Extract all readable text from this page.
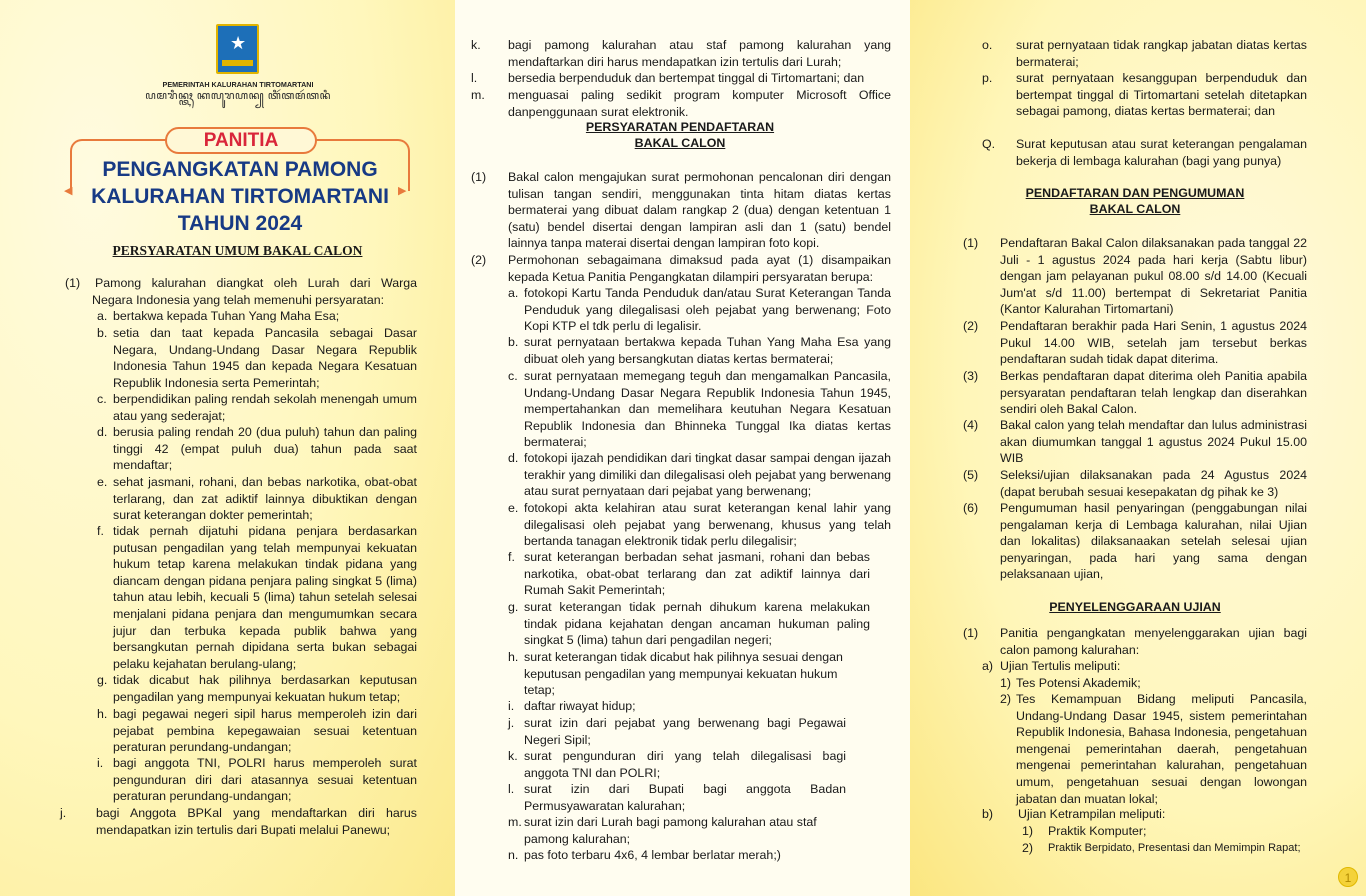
★
PEMERINTAH KALURAHAN TIRTOMARTANI
ꦥꦩꦫꦶꦤ꧀ꦠꦃ ꦏꦭꦸꦫꦲꦤ꧀ ꦠꦶꦂꦠꦩꦂꦠꦤꦶ
◀	▶
PANITIA
PENGANGKATAN PAMONG
KALURAHAN TIRTOMARTANI
TAHUN 2024
PERSYARATAN UMUM BAKAL CALON
(1) Pamong kalurahan diangkat oleh Lurah dari Warga Negara Indonesia yang telah memenuhi persyaratan:
a. bertakwa kepada Tuhan Yang Maha Esa;
b. setia dan taat kepada Pancasila sebagai Dasar Negara, Undang-Undang Dasar Negara Republik Indonesia Tahun 1945 dan kepada Negara Kesatuan Republik Indonesia serta Pemerintah;
c. berpendidikan paling rendah sekolah menengah umum atau yang sederajat;
d. berusia paling rendah 20 (dua puluh) tahun dan paling tinggi 42 (empat puluh dua) tahun pada saat mendaftar;
e. sehat jasmani, rohani, dan bebas narkotika, obat-obat terlarang, dan zat adiktif lainnya dibuktikan dengan surat keterangan dokter pemerintah;
f. tidak pernah dijatuhi pidana penjara berdasarkan putusan pengadilan yang telah mempunyai kekuatan hukum tetap karena melakukan tindak pidana yang diancam dengan pidana penjara paling singkat 5 (lima) tahun atau lebih, kecuali 5 (lima) tahun setelah selesai menjalani pidana penjara dan mengumumkan secara jujur dan terbuka kepada publik bahwa yang bersangkutan pernah dipidana serta bukan sebagai pelaku kejahatan berulang-ulang;
g. tidak dicabut hak pilihnya berdasarkan keputusan pengadilan yang mempunyai kekuatan hukum tetap;
h. bagi pegawai negeri sipil harus memperoleh izin dari pejabat pembina kepegawaian sesuai ketentuan peraturan perundang-undangan;
i. bagi anggota TNI, POLRI harus memperoleh surat pengunduran diri dari atasannya sesuai ketentuan peraturan perundang-undangan;
j. bagi Anggota BPKal yang mendaftarkan diri harus mendapatkan izin tertulis dari Bupati melalui Panewu;
k. bagi pamong kalurahan atau staf pamong kalurahan yang mendaftarkan diri harus mendapatkan izin tertulis dari Lurah;
l. bersedia berpenduduk dan bertempat tinggal di Tirtomartani; dan
m. menguasai paling sedikit program komputer Microsoft Office danpenggunaan surat elektronik.
PERSYARATAN PENDAFTARAN
BAKAL CALON
(1) Bakal calon mengajukan surat permohonan pencalonan diri dengan tulisan tangan sendiri, menggunakan tinta hitam diatas kertas bermaterai yang dibuat dalam rangkap 2 (dua) dengan ketentuan 1 (satu) bendel disertai dengan lampiran asli dan 1 (satu) bendel lainnya tanpa materai disertai dengan lampiran foto kopi.
(2) Permohonan sebagaimana dimaksud pada ayat (1) disampaikan kepada Ketua Panitia Pengangkatan dilampiri persyaratan berupa:
a. fotokopi Kartu Tanda Penduduk dan/atau Surat Keterangan Tanda Penduduk yang dilegalisasi oleh pejabat yang berwenang; Foto Kopi KTP el tdk perlu di legalisir.
b. surat pernyataan bertakwa kepada Tuhan Yang Maha Esa yang dibuat oleh yang bersangkutan diatas kertas bermaterai;
c. surat pernyataan memegang teguh dan mengamalkan Pancasila, Undang-Undang Dasar Negara Republik Indonesia Tahun 1945, mempertahankan dan memelihara keutuhan Negara Kesatuan Republik Indonesia dan Bhinneka Tunggal Ika diatas kertas bermaterai;
d. fotokopi ijazah pendidikan dari tingkat dasar sampai dengan ijazah terakhir yang dimiliki dan dilegalisasi oleh pejabat yang berwenang atau surat pernyataan dari pejabat yang berwenang;
e. fotokopi akta kelahiran atau surat keterangan kenal lahir yang dilegalisasi oleh pejabat yang berwenang, khusus yang telah bertanda tanagan elektronik tidak perlu dilegalisir;
f. surat keterangan berbadan sehat jasmani, rohani dan bebas narkotika, obat-obat terlarang dan zat adiktif lainnya dari Rumah Sakit Pemerintah;
g. surat keterangan tidak pernah dihukum karena melakukan tindak pidana kejahatan dengan ancaman hukuman paling singkat 5 (lima) tahun dari pengadilan negeri;
h. surat keterangan tidak dicabut hak pilihnya sesuai dengan keputusan pengadilan yang mempunyai kekuatan hukum tetap;
i. daftar riwayat hidup;
j. surat izin dari pejabat yang berwenang bagi Pegawai Negeri Sipil;
k. surat pengunduran diri yang telah dilegalisasi bagi anggota TNI dan POLRI;
l. surat izin dari Bupati bagi anggota Badan Permusyawaratan kalurahan;
m. surat izin dari Lurah bagi pamong kalurahan atau staf pamong kalurahan;
n. pas foto terbaru 4x6, 4 lembar berlatar merah;)
o. surat pernyataan tidak rangkap jabatan diatas kertas bermaterai;
p. surat pernyataan kesanggupan berpenduduk dan bertempat tinggal di Tirtomartani setelah ditetapkan sebagai pamong, diatas kertas bermaterai; dan
Q. Surat keputusan atau surat keterangan pengalaman bekerja di lembaga kalurahan (bagi yang punya)
PENDAFTARAN DAN PENGUMUMAN
BAKAL CALON
(1) Pendaftaran Bakal Calon dilaksanakan pada tanggal 22 Juli - 1 agustus 2024 pada hari kerja (Sabtu libur) dengan jam pelayanan pukul 08.00 s/d 14.00 (Kecuali Jum'at s/d 11.00) bertempat di Sekretariat Panitia (Kantor Kalurahan Tirtomartani)
(2) Pendaftaran berakhir pada Hari Senin, 1 agustus 2024 Pukul 14.00 WIB, setelah jam tersebut berkas pendaftaran sudah tidak dapat diterima.
(3) Berkas pendaftaran dapat diterima oleh Panitia apabila persyaratan pendaftaran telah lengkap dan diserahkan sendiri oleh Bakal Calon.
(4) Bakal calon yang telah mendaftar dan lulus administrasi akan diumumkan tanggal 1 agustus 2024 Pukul 15.00 WIB
(5) Seleksi/ujian dilaksanakan pada 24 Agustus 2024 (dapat berubah sesuai kesepakatan dg pihak ke 3)
(6) Pengumuman hasil penyaringan (penggabungan nilai pengalaman kerja di Lembaga kalurahan, nilai Ujian dan lokalitas) dilaksanaakan setelah selesai ujian penyaringan, pada hari yang sama dengan pelaksanaan ujian,
PENYELENGGARAAN UJIAN
(1) Panitia pengangkatan menyelenggarakan ujian bagi calon pamong kalurahan:
a) Ujian Tertulis meliputi:
1) Tes Potensi Akademik;
2) Tes Kemampuan Bidang meliputi Pancasila, Undang-Undang Dasar 1945, sistem pemerintahan Republik Indonesia, Bahasa Indonesia, pengetahuan mengenai pemerintahan daerah, pengetahuan mengenai pemerintahan kalurahan, pengetahuan umum, pengetahuan sesuai dengan lowongan jabatan dan muatan lokal;
b) Ujian Ketrampilan meliputi:
1) Praktik Komputer;
2) Praktik Berpidato, Presentasi dan Memimpin Rapat;
1
